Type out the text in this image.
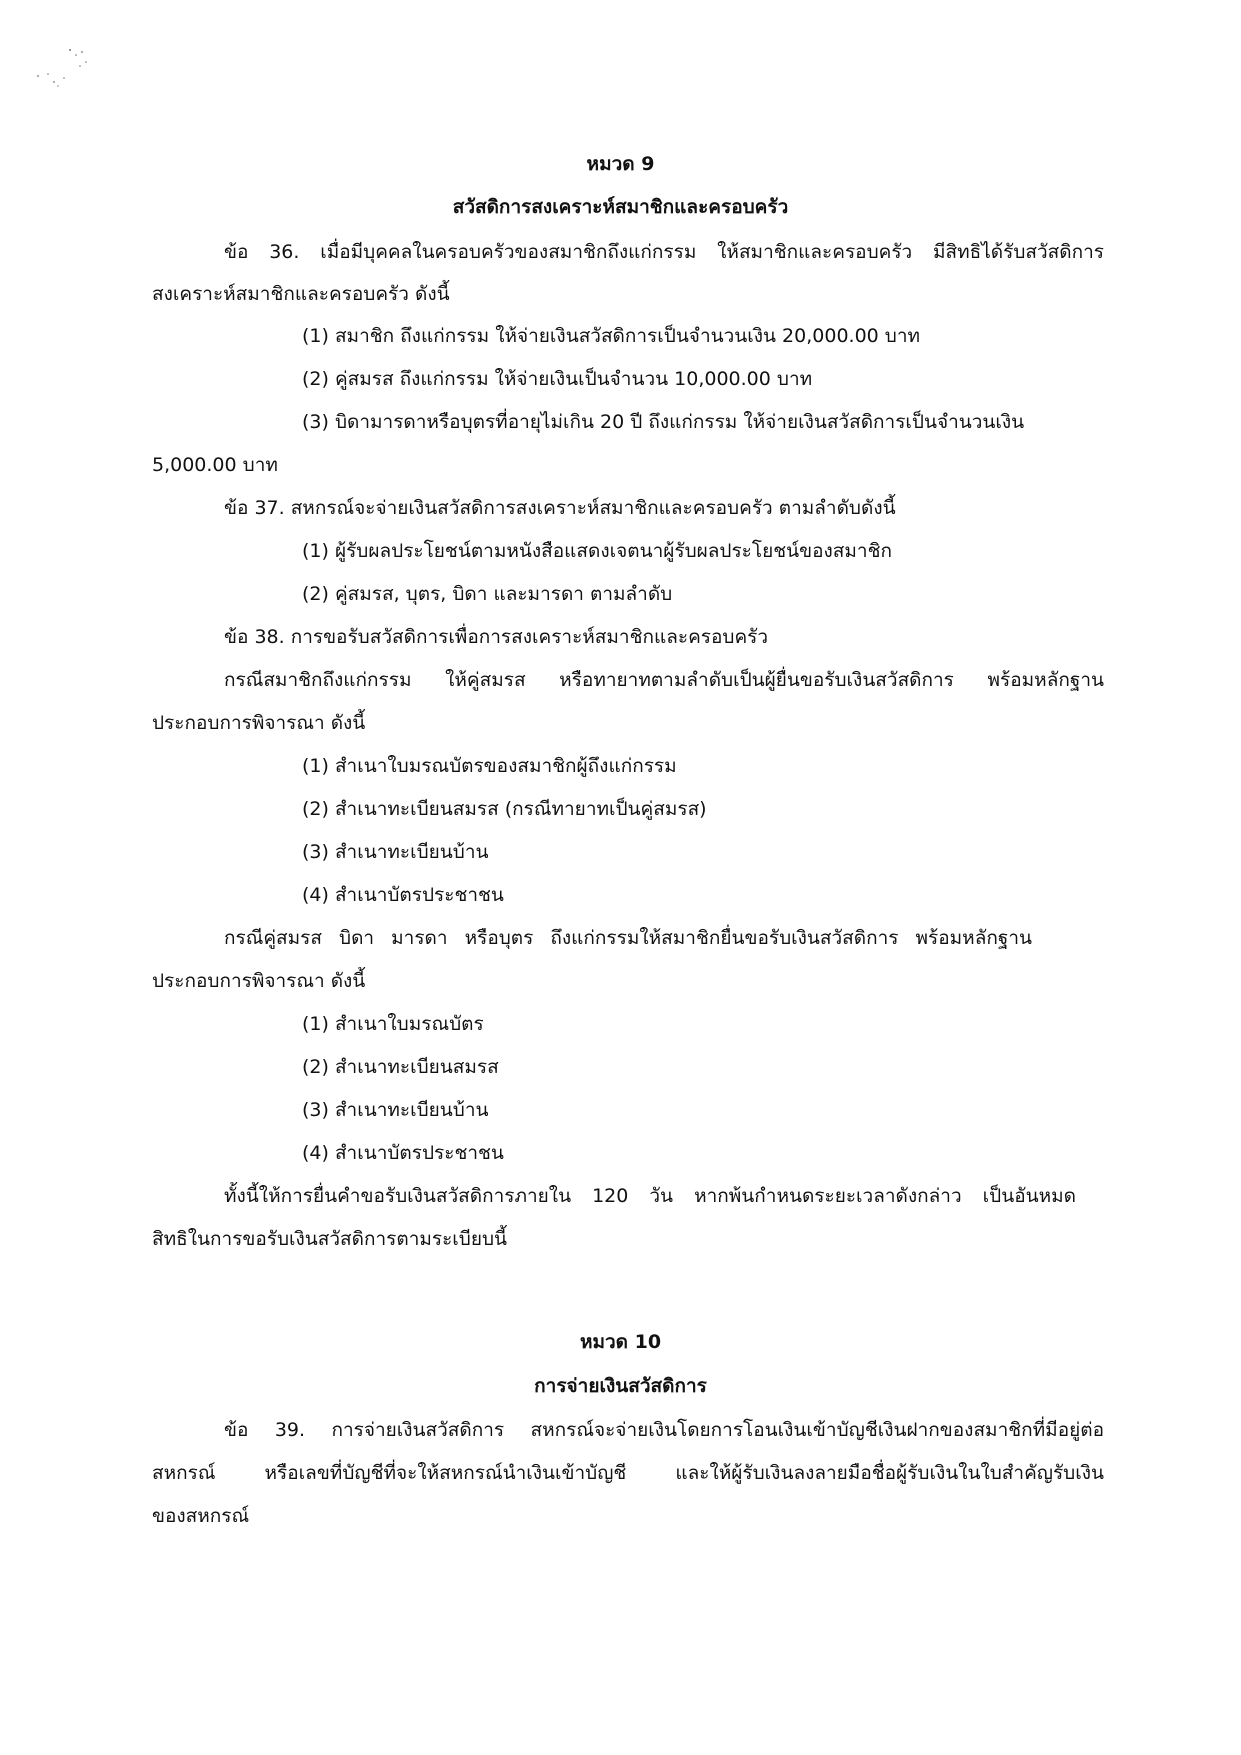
หมวด 9
สวัสดิการสงเคราะห์สมาชิกและครอบครัว
ข้อ 36. เมื่อมีบุคคลในครอบครัวของสมาชิกถึงแก่กรรม ให้สมาชิกและครอบครัว มีสิทธิได้รับสวัสดิการ
สงเคราะห์สมาชิกและครอบครัว ดังนี้
(1) สมาชิก ถึงแก่กรรม ให้จ่ายเงินสวัสดิการเป็นจำนวนเงิน 20,000.00 บาท
(2) คู่สมรส ถึงแก่กรรม ให้จ่ายเงินเป็นจำนวน 10,000.00 บาท
(3) บิดามารดาหรือบุตรที่อายุไม่เกิน 20 ปี ถึงแก่กรรม ให้จ่ายเงินสวัสดิการเป็นจำนวนเงิน
5,000.00 บาท
ข้อ 37. สหกรณ์จะจ่ายเงินสวัสดิการสงเคราะห์สมาชิกและครอบครัว ตามลำดับดังนี้
(1) ผู้รับผลประโยชน์ตามหนังสือแสดงเจตนาผู้รับผลประโยชน์ของสมาชิก
(2) คู่สมรส, บุตร, บิดา และมารดา ตามลำดับ
ข้อ 38. การขอรับสวัสดิการเพื่อการสงเคราะห์สมาชิกและครอบครัว
กรณีสมาชิกถึงแก่กรรม ให้คู่สมรส หรือทายาทตามลำดับเป็นผู้ยื่นขอรับเงินสวัสดิการ พร้อมหลักฐาน
ประกอบการพิจารณา ดังนี้
(1) สำเนาใบมรณบัตรของสมาชิกผู้ถึงแก่กรรม
(2) สำเนาทะเบียนสมรส (กรณีทายาทเป็นคู่สมรส)
(3) สำเนาทะเบียนบ้าน
(4) สำเนาบัตรประชาชน
กรณีคู่สมรส บิดา มารดา หรือบุตร ถึงแก่กรรมให้สมาชิกยื่นขอรับเงินสวัสดิการ พร้อมหลักฐาน
ประกอบการพิจารณา ดังนี้
(1) สำเนาใบมรณบัตร
(2) สำเนาทะเบียนสมรส
(3) สำเนาทะเบียนบ้าน
(4) สำเนาบัตรประชาชน
ทั้งนี้ให้การยื่นคำขอรับเงินสวัสดิการภายใน 120 วัน หากพ้นกำหนดระยะเวลาดังกล่าว เป็นอันหมด
สิทธิในการขอรับเงินสวัสดิการตามระเบียบนี้
หมวด 10
การจ่ายเงินสวัสดิการ
ข้อ 39. การจ่ายเงินสวัสดิการ สหกรณ์จะจ่ายเงินโดยการโอนเงินเข้าบัญชีเงินฝากของสมาชิกที่มีอยู่ต่อ
สหกรณ์ หรือเลขที่บัญชีที่จะให้สหกรณ์นำเงินเข้าบัญชี และให้ผู้รับเงินลงลายมือชื่อผู้รับเงินในใบสำคัญรับเงิน
ของสหกรณ์
